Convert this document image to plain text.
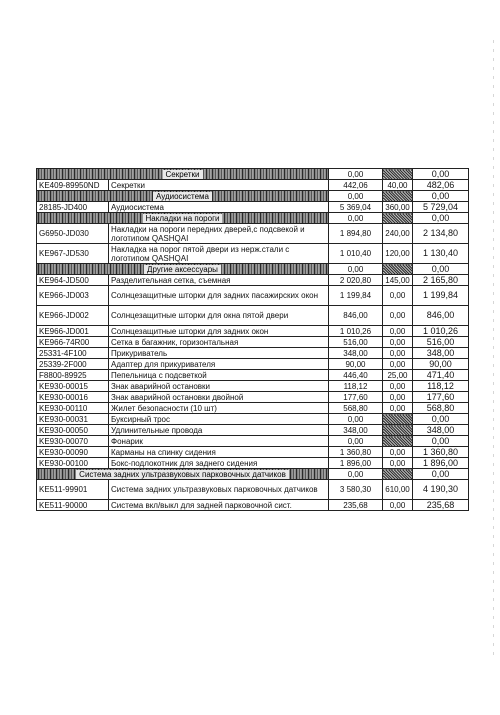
Секретки		0,00		0,00
KE409-89950ND	Секретки	442,06	40,00	482,06
Аудиосистема		0,00		0,00
28185-JD400	Аудиосистема	5 369,04	360,00	5 729,04
Накладки на пороги		0,00		0,00
G6950-JD030	Накладки на пороги передних дверей,с подсвекой и логотипом QASHQAI	1 894,80	240,00	2 134,80
KE967-JD530	Накладка на порог пятой двери из нерж.стали с логотипом QASHQAI	1 010,40	120,00	1 130,40
Другие аксессуары		0,00		0,00
KE964-JD500	Разделительная сетка, съемная	2 020,80	145,00	2 165,80
KE966-JD003	Солнцезащитные шторки для задних пасажирских окон	1 199,84	0,00	1 199,84
KE966-JD002	Солнцезащитные шторки для окна пятой двери	846,00	0,00	846,00
KE966-JD001	Солнцезащитные шторки для задних окон	1 010,26	0,00	1 010,26
KE966-74R00	Сетка в багажник, горизонтальная	516,00	0,00	516,00
25331-4F100	Прикуриватель	348,00	0,00	348,00
25339-2F000	Адаптер для прикуривателя	90,00	0,00	90,00
F8800-89925	Пепельница с подсветкой	446,40	25,00	471,40
KE930-00015	Знак аварийной остановки	118,12	0,00	118,12
KE930-00016	Знак аварийной остановки двойной	177,60	0,00	177,60
KE930-00110	Жилет безопасности (10 шт)	568,80	0,00	568,80
KE930-00031	Буксирный трос	0,00		0,00
KE930-00050	Удлинительные провода	348,00		348,00
KE930-00070	Фонарик	0,00		0,00
KE930-00090	Карманы на спинку сидения	1 360,80	0,00	1 360,80
KE930-00100	Бокс-подлокотник для заднего сидения	1 896,00	0,00	1 896,00
Система задних ультразвуковых парковочных датчиков		0,00		0,00
KE511-99901	Система задних ультразвуковых парковочных датчиков	3 580,30	610,00	4 190,30
KE511-90000	Система вкл/выкл для задней парковочной сист.	235,68	0,00	235,68
